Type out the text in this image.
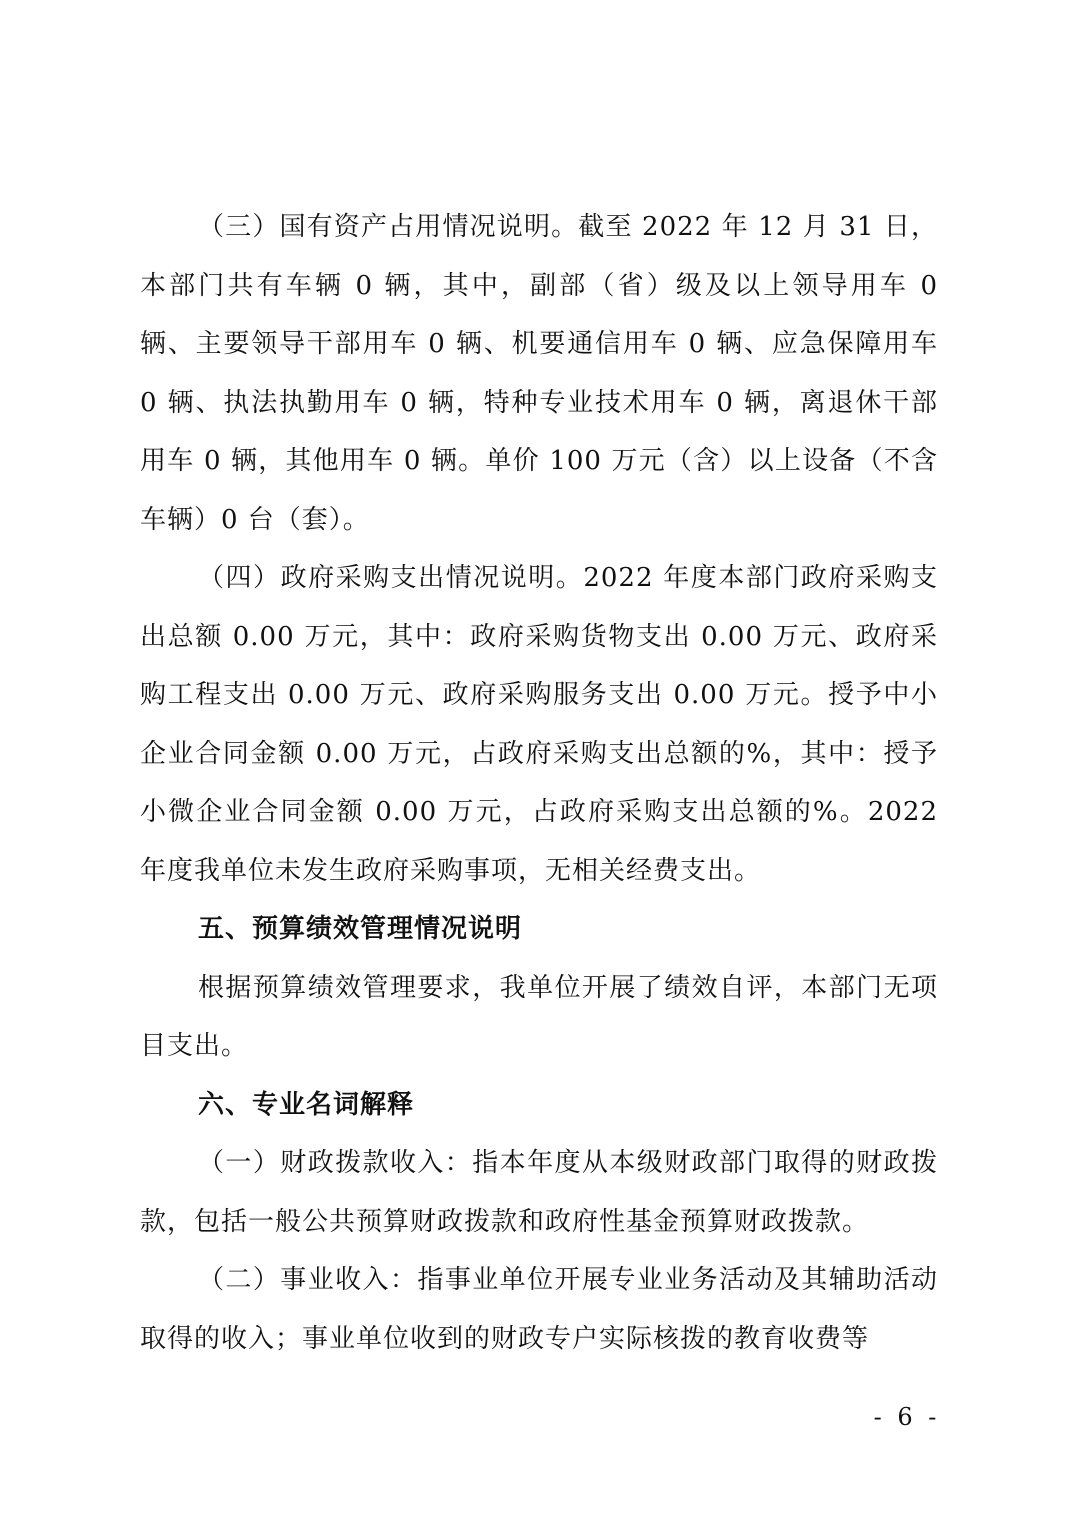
（三）国有资产占用情况说明。截至 2022 年 12 月 31 日，本部门共有车辆 0 辆，其中，副部（省）级及以上领导用车 0 辆、主要领导干部用车 0 辆、机要通信用车 0 辆、应急保障用车 0 辆、执法执勤用车 0 辆，特种专业技术用车 0 辆，离退休干部用车 0 辆，其他用车 0 辆。单价 100 万元（含）以上设备（不含车辆）0 台（套）。

（四）政府采购支出情况说明。2022 年度本部门政府采购支出总额 0.00 万元，其中：政府采购货物支出 0.00 万元、政府采购工程支出 0.00 万元、政府采购服务支出 0.00 万元。授予中小企业合同金额 0.00 万元，占政府采购支出总额的%，其中：授予小微企业合同金额 0.00 万元，占政府采购支出总额的%。2022 年度我单位未发生政府采购事项，无相关经费支出。

五、预算绩效管理情况说明

根据预算绩效管理要求，我单位开展了绩效自评，本部门无项目支出。

六、专业名词解释

（一）财政拨款收入：指本年度从本级财政部门取得的财政拨款，包括一般公共预算财政拨款和政府性基金预算财政拨款。

（二）事业收入：指事业单位开展专业业务活动及其辅助活动取得的收入；事业单位收到的财政专户实际核拨的教育收费等

- 6 -
